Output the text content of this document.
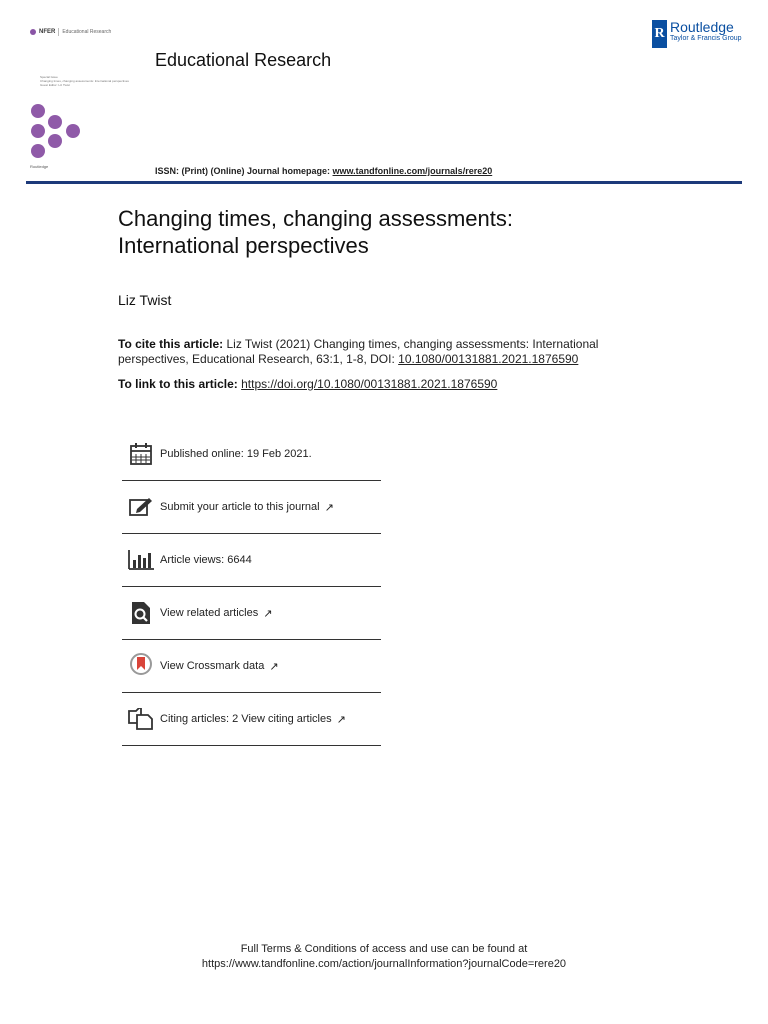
NFER Educational Research
Special Issue
Changing times, changing assessments: International perspectives
Guest Editor: Liz Twist
Routledge
Educational Research
R Routledge
Taylor & Francis Group
ISSN: (Print) (Online) Journal homepage: www.tandfonline.com/journals/rere20
Changing times, changing assessments:
International perspectives
Liz Twist
To cite this article: Liz Twist (2021) Changing times, changing assessments: International perspectives, Educational Research, 63:1, 1-8, DOI: 10.1080/00131881.2021.1876590
To link to this article: https://doi.org/10.1080/00131881.2021.1876590
Published online: 19 Feb 2021.
Submit your article to this journal ↗
Article views: 6644
View related articles ↗
View Crossmark data ↗
Citing articles: 2 View citing articles ↗
Full Terms & Conditions of access and use can be found at
https://www.tandfonline.com/action/journalInformation?journalCode=rere20
